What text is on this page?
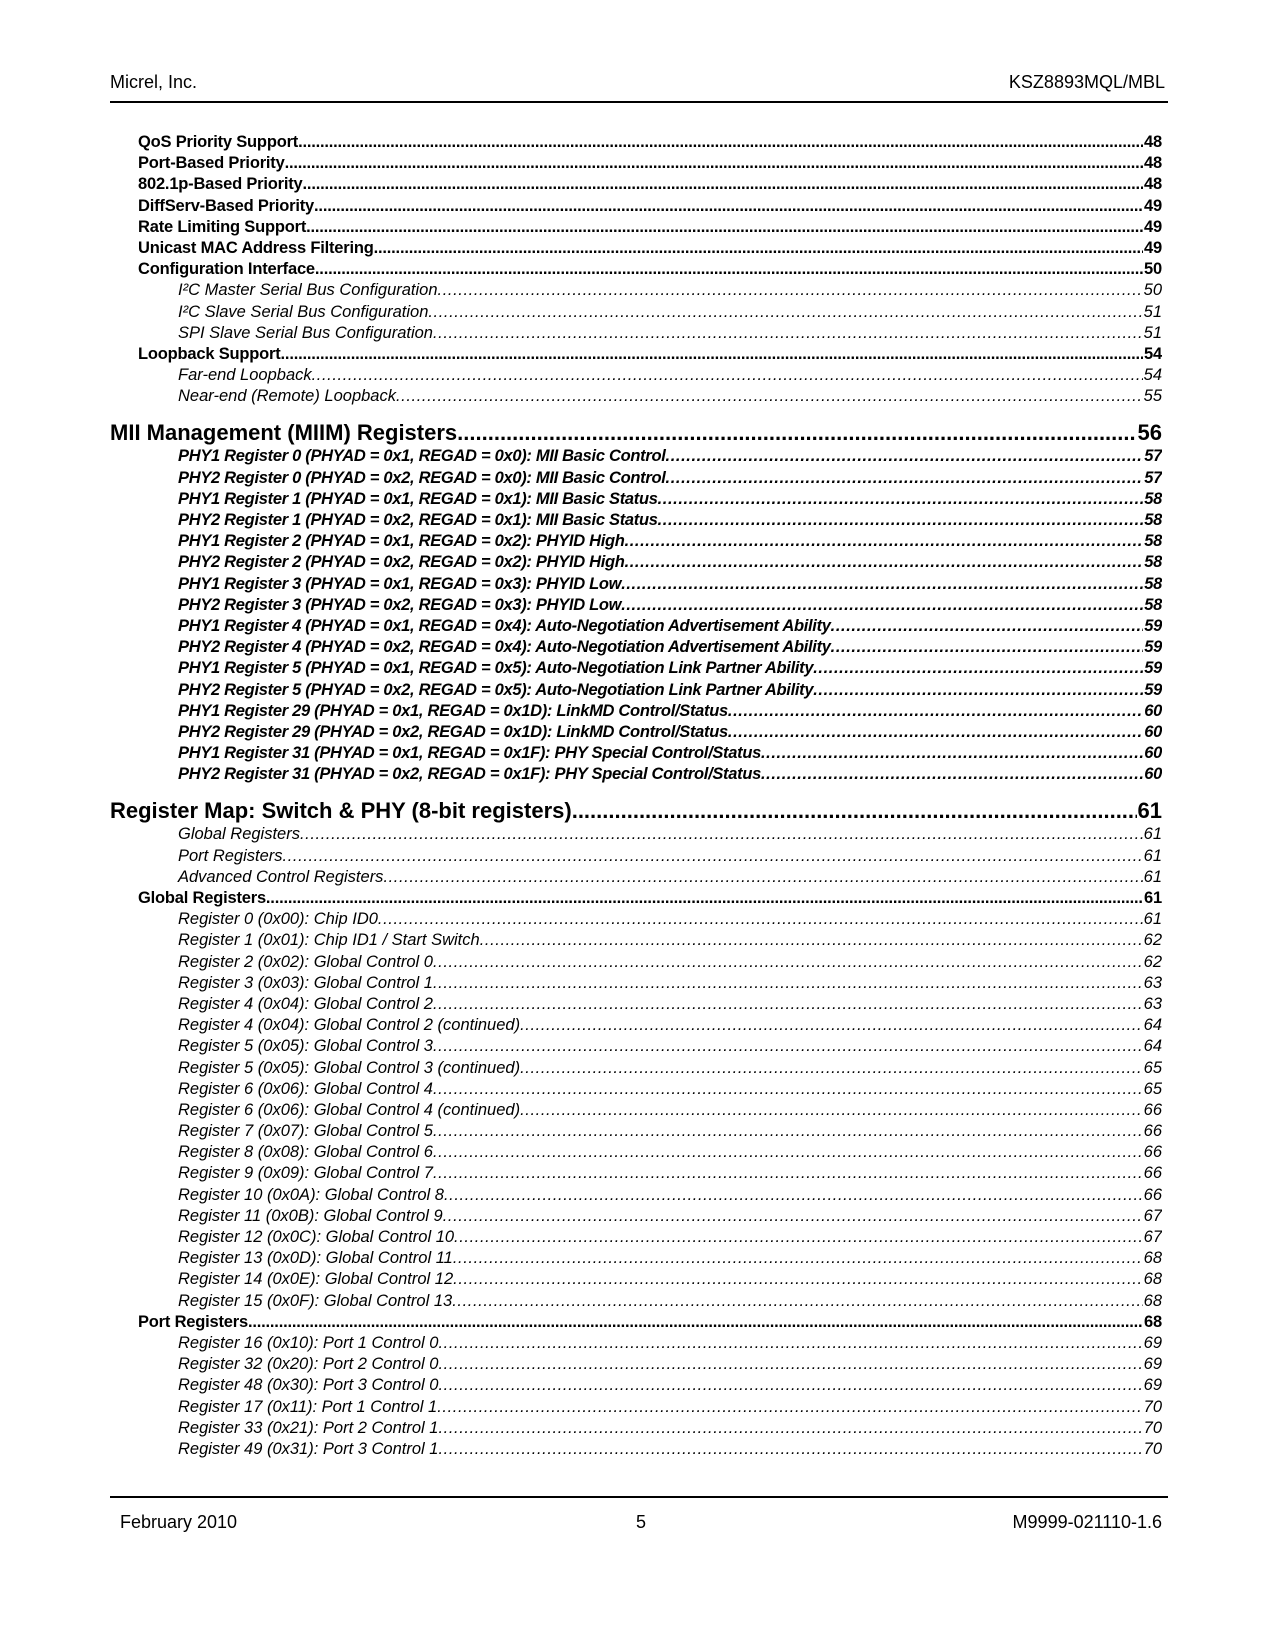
Micrel, Inc.	KSZ8893MQL/MBL
QoS Priority Support .....	48
Port-Based Priority .....	48
802.1p-Based Priority .....	48
DiffServ-Based Priority .....	49
Rate Limiting Support .....	49
Unicast MAC Address Filtering .....	49
Configuration Interface .....	50
I²C Master Serial Bus Configuration .....	50
I²C Slave Serial Bus Configuration .....	51
SPI Slave Serial Bus Configuration .....	51
Loopback Support .....	54
Far-end Loopback .....	54
Near-end (Remote) Loopback .....	55
MII Management (MIIM) Registers .....	56
PHY1 Register 0 (PHYAD = 0x1, REGAD = 0x0): MII Basic Control .....	57
PHY2 Register 0 (PHYAD = 0x2, REGAD = 0x0): MII Basic Control .....	57
PHY1 Register 1 (PHYAD = 0x1, REGAD = 0x1): MII Basic Status .....	58
PHY2 Register 1 (PHYAD = 0x2, REGAD = 0x1): MII Basic Status .....	58
PHY1 Register 2 (PHYAD = 0x1, REGAD = 0x2): PHYID High .....	58
PHY2 Register 2 (PHYAD = 0x2, REGAD = 0x2): PHYID High .....	58
PHY1 Register 3 (PHYAD = 0x1, REGAD = 0x3): PHYID Low .....	58
PHY2 Register 3 (PHYAD = 0x2, REGAD = 0x3): PHYID Low .....	58
PHY1 Register 4 (PHYAD = 0x1, REGAD = 0x4): Auto-Negotiation Advertisement Ability .....	59
PHY2 Register 4 (PHYAD = 0x2, REGAD = 0x4): Auto-Negotiation Advertisement Ability .....	59
PHY1 Register 5 (PHYAD = 0x1, REGAD = 0x5): Auto-Negotiation Link Partner Ability .....	59
PHY2 Register 5 (PHYAD = 0x2, REGAD = 0x5): Auto-Negotiation Link Partner Ability .....	59
PHY1 Register 29 (PHYAD = 0x1, REGAD = 0x1D): LinkMD Control/Status .....	60
PHY2 Register 29 (PHYAD = 0x2, REGAD = 0x1D): LinkMD Control/Status .....	60
PHY1 Register 31 (PHYAD = 0x1, REGAD = 0x1F): PHY Special Control/Status .....	60
PHY2 Register 31 (PHYAD = 0x2, REGAD = 0x1F): PHY Special Control/Status .....	60
Register Map: Switch & PHY (8-bit registers) .....	61
Global Registers .....	61
Port Registers .....	61
Advanced Control Registers .....	61
Global Registers .....	61
Register 0 (0x00): Chip ID0 .....	61
Register 1 (0x01): Chip ID1 / Start Switch .....	62
Register 2 (0x02): Global Control 0 .....	62
Register 3 (0x03): Global Control 1 .....	63
Register 4 (0x04): Global Control 2 .....	63
Register 4 (0x04): Global Control 2 (continued) .....	64
Register 5 (0x05): Global Control 3 .....	64
Register 5 (0x05): Global Control 3 (continued) .....	65
Register 6 (0x06): Global Control 4 .....	65
Register 6 (0x06): Global Control 4 (continued) .....	66
Register 7 (0x07): Global Control 5 .....	66
Register 8 (0x08): Global Control 6 .....	66
Register 9 (0x09): Global Control 7 .....	66
Register 10 (0x0A): Global Control 8 .....	66
Register 11 (0x0B): Global Control 9 .....	67
Register 12 (0x0C): Global Control 10 .....	67
Register 13 (0x0D): Global Control 11 .....	68
Register 14 (0x0E): Global Control 12 .....	68
Register 15 (0x0F): Global Control 13 .....	68
Port Registers .....	68
Register 16 (0x10): Port 1 Control 0 .....	69
Register 32 (0x20): Port 2 Control 0 .....	69
Register 48 (0x30): Port 3 Control 0 .....	69
Register 17 (0x11): Port 1 Control 1 .....	70
Register 33 (0x21): Port 2 Control 1 .....	70
Register 49 (0x31): Port 3 Control 1 .....	70
February 2010	5	M9999-021110-1.6
